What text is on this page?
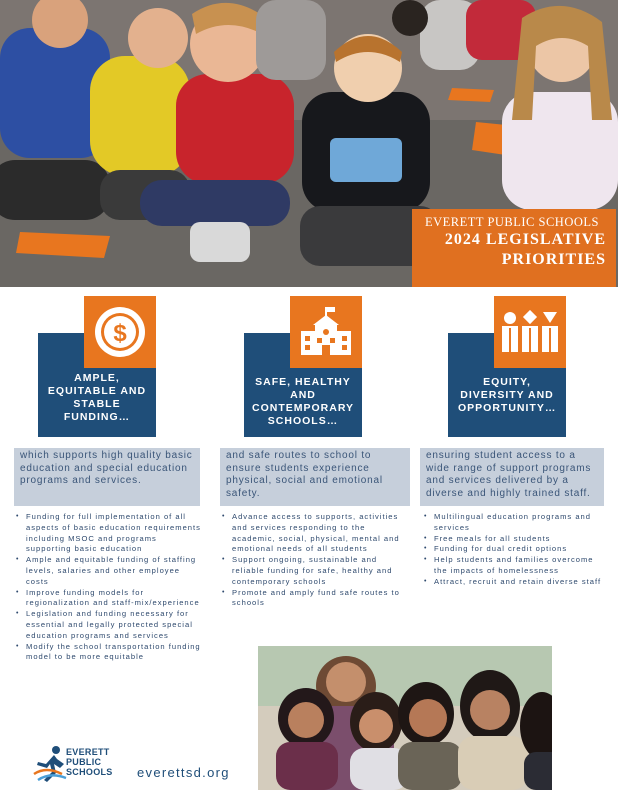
EVERETT PUBLIC SCHOOLS
2024 LEGISLATIVE
PRIORITIES
$
AMPLE, EQUITABLE AND STABLE FUNDING…
SAFE, HEALTHY AND CONTEMPORARY SCHOOLS…
EQUITY, DIVERSITY AND OPPORTUNITY…
which supports high quality basic education and special education programs and services.
and safe routes to school to ensure students experience physical, social and emotional safety.
ensuring student access to a wide range of support programs and services delivered by a diverse and highly trained staff.
• Funding for full implementation of all aspects of basic education requirements including MSOC and programs supporting basic education
• Ample and equitable funding of staffing levels, salaries and other employee costs
• Improve funding models for regionalization and staff-mix/experience
• Legislation and funding necessary for essential and legally protected special education programs and services
• Modify the school transportation funding model to be more equitable
• Advance access to supports, activities and services responding to the academic, social, physical, mental and emotional needs of all students
• Support ongoing, sustainable and reliable funding for safe, healthy and contemporary schools
• Promote and amply fund safe routes to schools
• Multilingual education programs and services
• Free meals for all students
• Funding for dual credit options
• Help students and families overcome the impacts of homelessness
• Attract, recruit and retain diverse staff
EVERETT
PUBLIC
SCHOOLS everettsd.org
